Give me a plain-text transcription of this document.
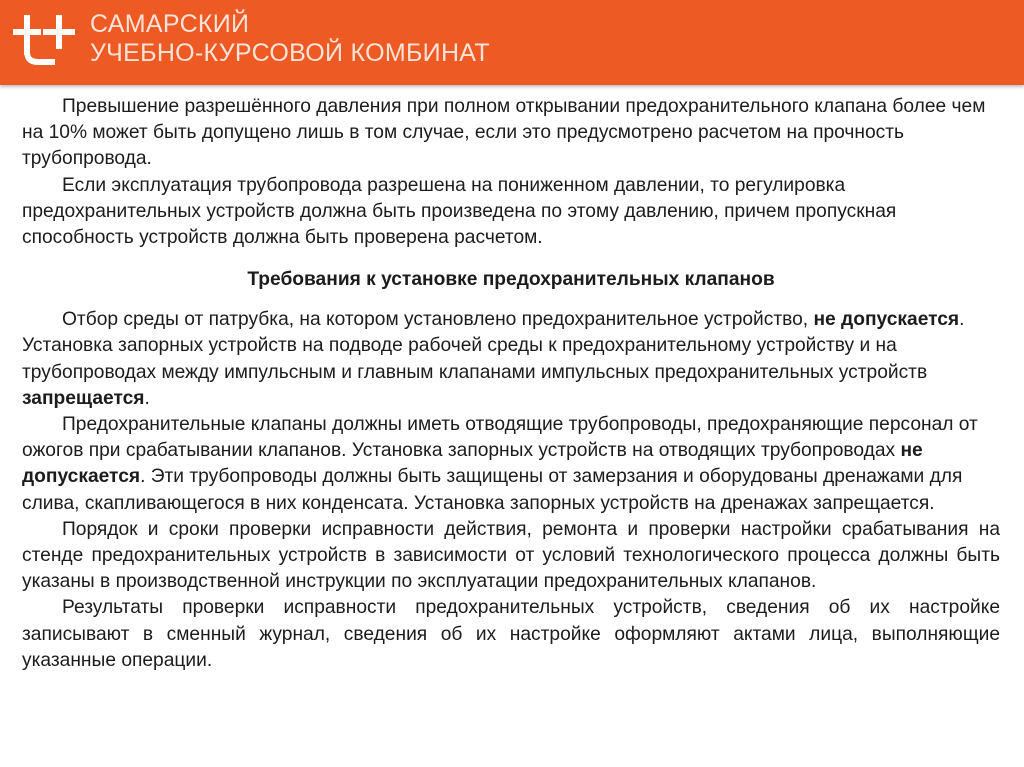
САМАРСКИЙ
УЧЕБНО-КУРСОВОЙ КОМБИНАТ

Превышение разрешённого давления при полном открывании предохранительного клапана более чем на 10% может быть допущено лишь в том случае, если это предусмотрено расчетом на прочность трубопровода.

Если эксплуатация трубопровода разрешена на пониженном давлении, то регулировка предохранительных устройств должна быть произведена по этому давлению, причем пропускная способность устройств должна быть проверена расчетом.

Требования к установке предохранительных клапанов

Отбор среды от патрубка, на котором установлено предохранительное устройство, не допускается. Установка запорных устройств на подводе рабочей среды к предохранительному устройству и на трубопроводах между импульсным и главным клапанами импульсных предохранительных устройств запрещается.

Предохранительные клапаны должны иметь отводящие трубопроводы, предохраняющие персонал от ожогов при срабатывании клапанов. Установка запорных устройств на отводящих трубопроводах не допускается. Эти трубопроводы должны быть защищены от замерзания и оборудованы дренажами для слива, скапливающегося в них конденсата. Установка запорных устройств на дренажах запрещается.

Порядок и сроки проверки исправности действия, ремонта и проверки настройки срабатывания на стенде предохранительных устройств в зависимости от условий технологического процесса должны быть указаны в производственной инструкции по эксплуатации предохранительных клапанов.

Результаты проверки исправности предохранительных устройств, сведения об их настройке записывают в сменный журнал, сведения об их настройке оформляют актами лица, выполняющие указанные операции.
